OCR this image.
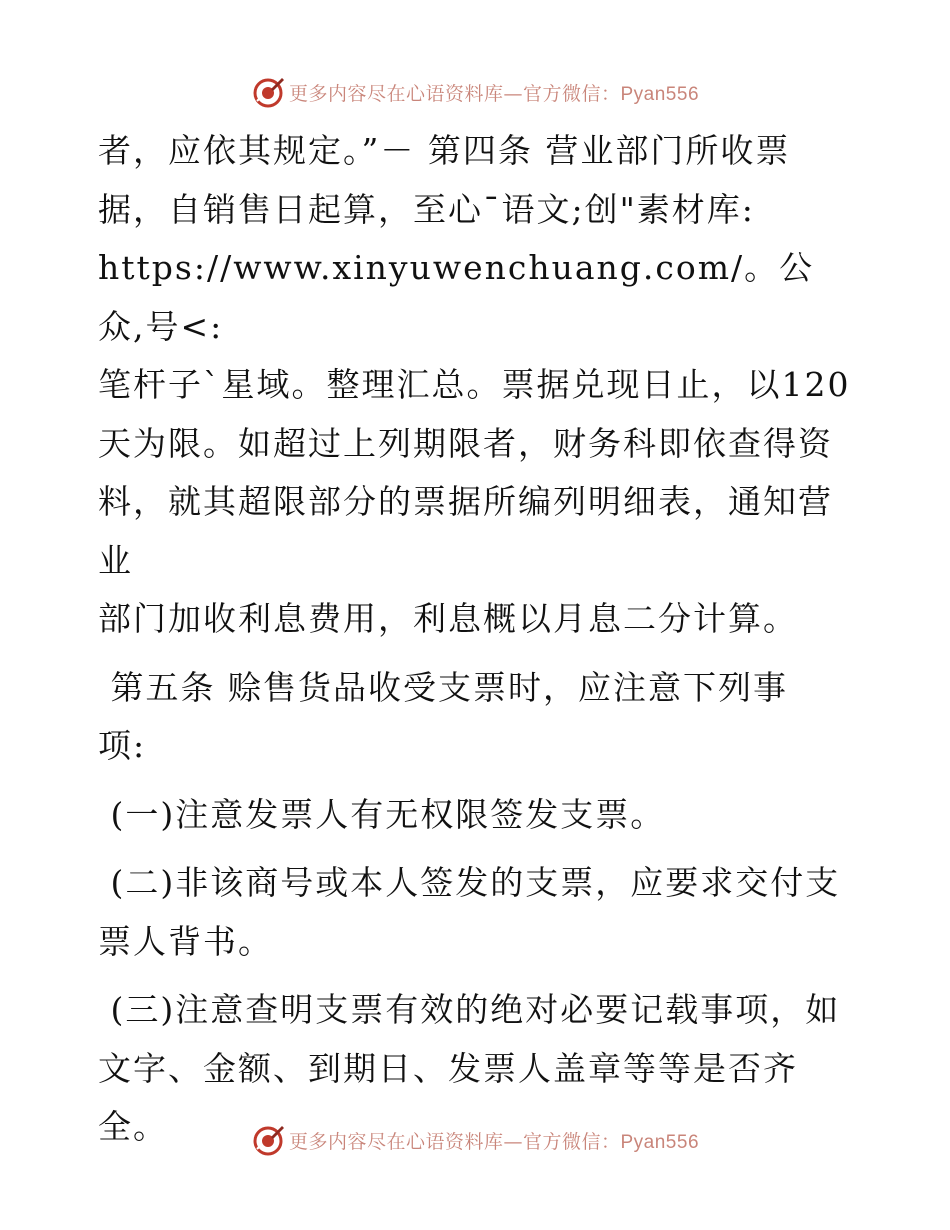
更多内容尽在心语资料库—官方微信：Pyan556

者，应依其规定。”－ 第四条 营业部门所收票
据，自销售日起算，至心¯语文;创"素材库:
https://www.xinyuwenchuang.com/。公众,号<:
笔杆子`星域。整理汇总。票据兑现日止，以120
天为限。如超过上列期限者，财务科即依查得资
料，就其超限部分的票据所编列明细表，通知营业
部门加收利息费用，利息概以月息二分计算。

第五条 赊售货品收受支票时，应注意下列事
项:

(一)注意发票人有无权限签发支票。

(二)非该商号或本人签发的支票，应要求交付支
票人背书。

(三)注意查明支票有效的绝对必要记载事项，如
文字、金额、到期日、发票人盖章等等是否齐全。	更多内容尽在心语资料库—官方微信：Pyan556
